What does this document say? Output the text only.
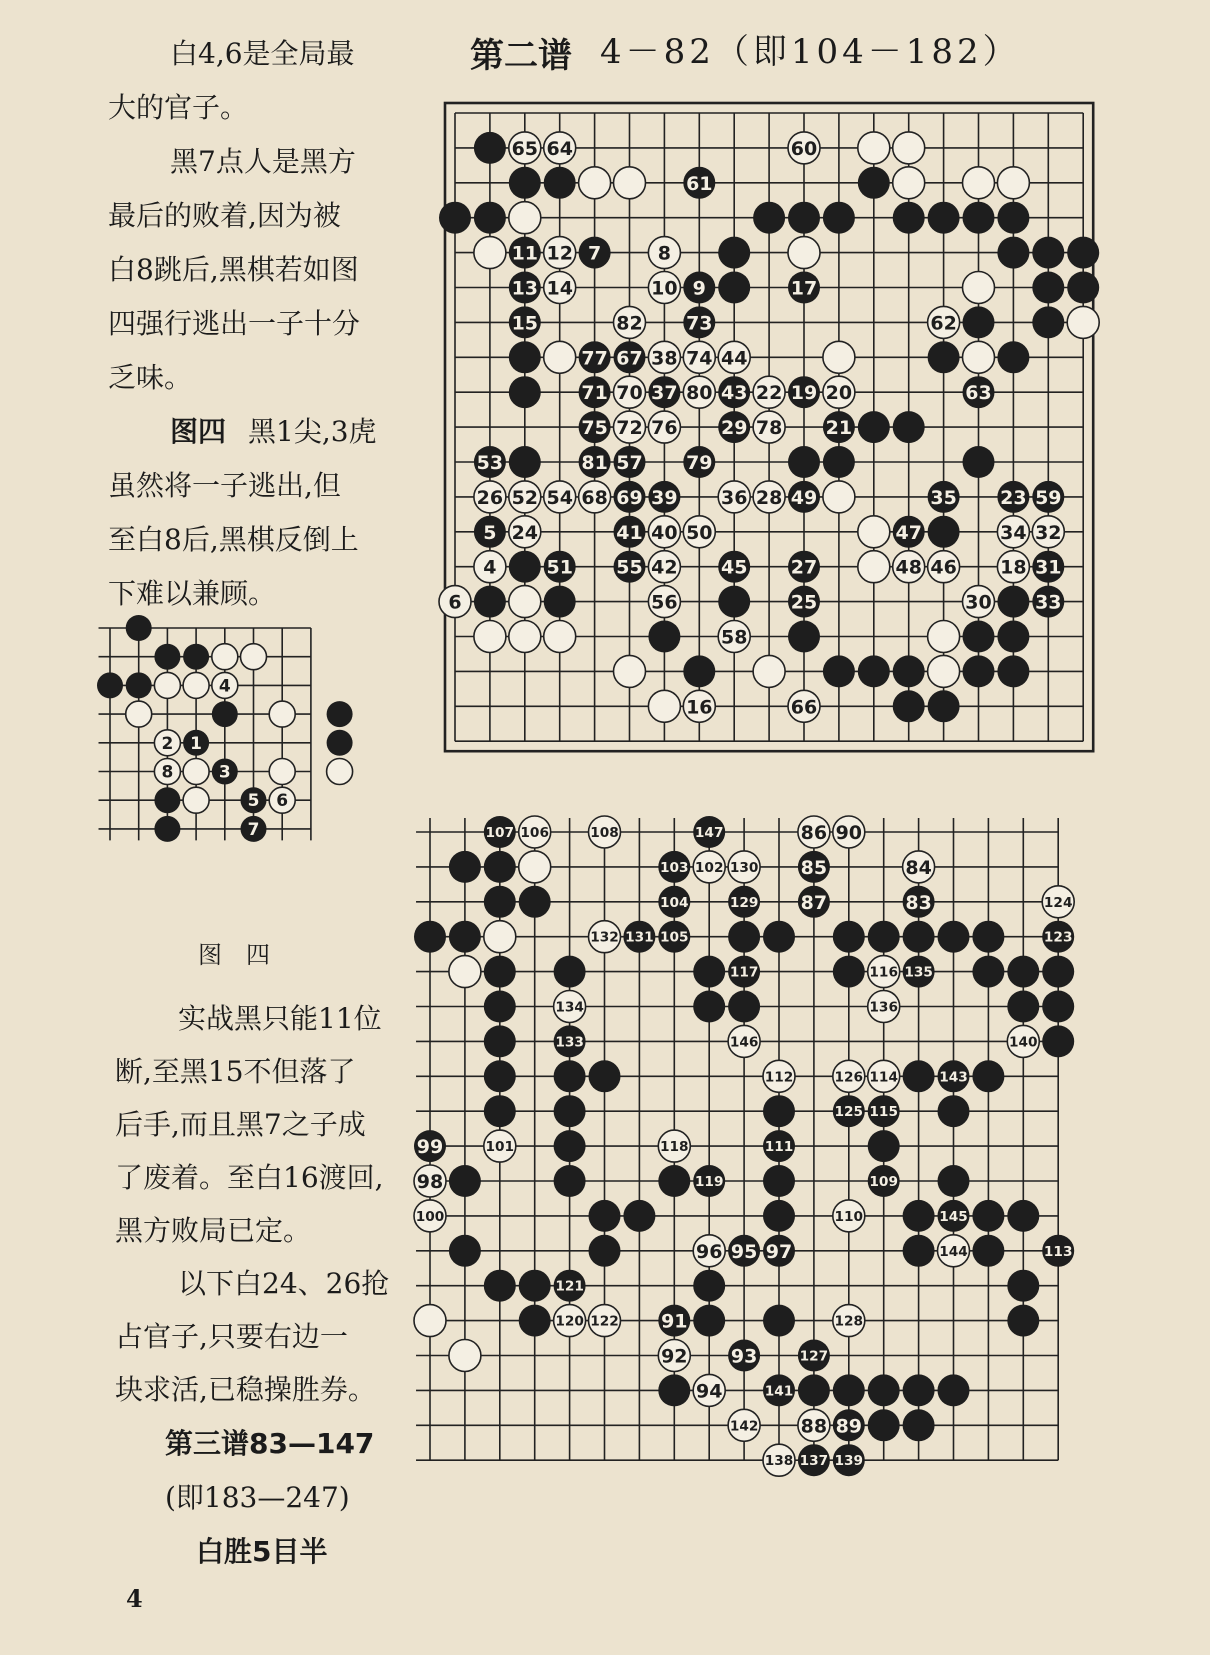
第二谱 4－82（即104－182）
白4,6是全局最
大的官子。
黑7点人是黑方
最后的败着,因为被
白8跳后,黑棋若如图
四强行逃出一子十分
乏味。
图四 黑1尖,3虎
虽然将一子逃出,但
至白8后,黑棋反倒上
下难以兼顾。
4
2 1
8	3
5 6
7
图四
实战黑只能11位
断,至黑15不但落了
后手,而且黑7之子成
了废着。至白16渡回,
黑方败局已定。
以下白24、26抢
占官子,只要右边一
块求活,已稳操胜券。
第三谱83—147
(即183—247)
白胜5目半
4
65 64	60
61
11 12 7	8
13 14	10 9	17
15	82 73	62
77 67 38 74 44
71 70 37 80 43 22 19 20	63
75 72 76 29 78 21
53	81 57 79
26 52 54 68 69 39 36 28 49	35 23 59
5 24	41 40 50	47	34 32
4	51 55 42 45 27	48 46 18 31
6	56	25	30 33
58
16	66
107 106	108	147	86 90
103 102 130 85	84
104	129 87	83	124
132 131 105	123
117	116 135
134	136
133	146	140
112	126 114	143
125 115
99	101	118	111
98	119	109
100	110	145
96 95 97	144	113
121
120 122 91	128
92 93	127
94	141
142 88 89
138 137 139
